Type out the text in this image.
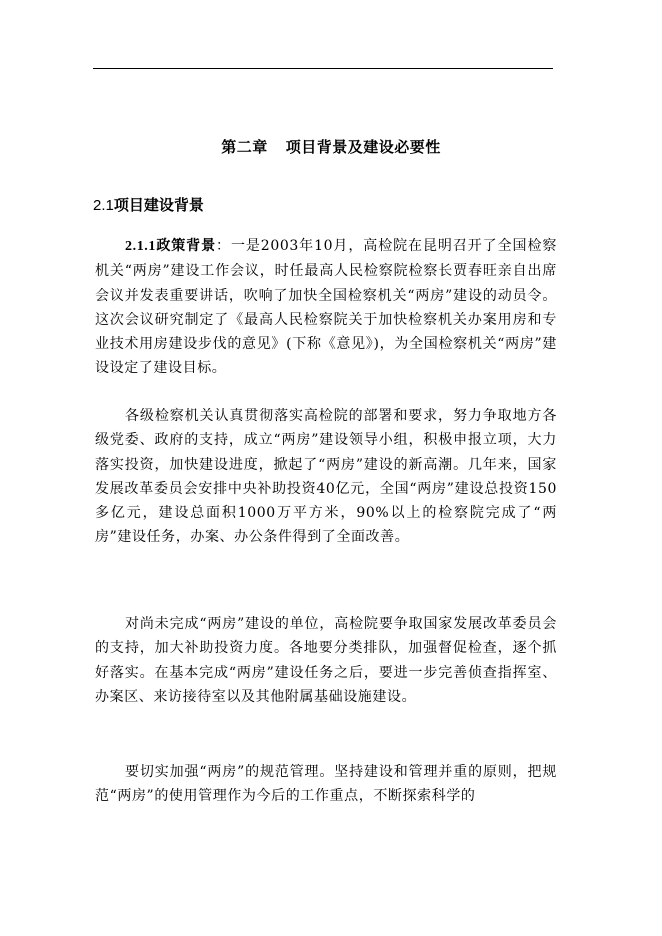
第二章 项目背景及建设必要性
2.1项目建设背景
2.1.1政策背景：一是2003年10月，高检院在昆明召开了全国检察机关“两房”建设工作会议，时任最高人民检察院检察长贾春旺亲自出席会议并发表重要讲话，吹响了加快全国检察机关“两房”建设的动员令。这次会议研究制定了《最高人民检察院关于加快检察机关办案用房和专业技术用房建设步伐的意见》(下称《意见》)，为全国检察机关“两房”建设设定了建设目标。
各级检察机关认真贯彻落实高检院的部署和要求，努力争取地方各级党委、政府的支持，成立“两房”建设领导小组，积极申报立项，大力落实投资，加快建设进度，掀起了“两房”建设的新高潮。几年来，国家发展改革委员会安排中央补助投资40亿元，全国“两房”建设总投资150多亿元，建设总面积1000万平方米，90%以上的检察院完成了“两房”建设任务，办案、办公条件得到了全面改善。
对尚未完成“两房”建设的单位，高检院要争取国家发展改革委员会的支持，加大补助投资力度。各地要分类排队，加强督促检查，逐个抓好落实。在基本完成“两房”建设任务之后，要进一步完善侦查指挥室、办案区、来访接待室以及其他附属基础设施建设。
要切实加强“两房”的规范管理。坚持建设和管理并重的原则，把规范“两房”的使用管理作为今后的工作重点，不断探索科学的
